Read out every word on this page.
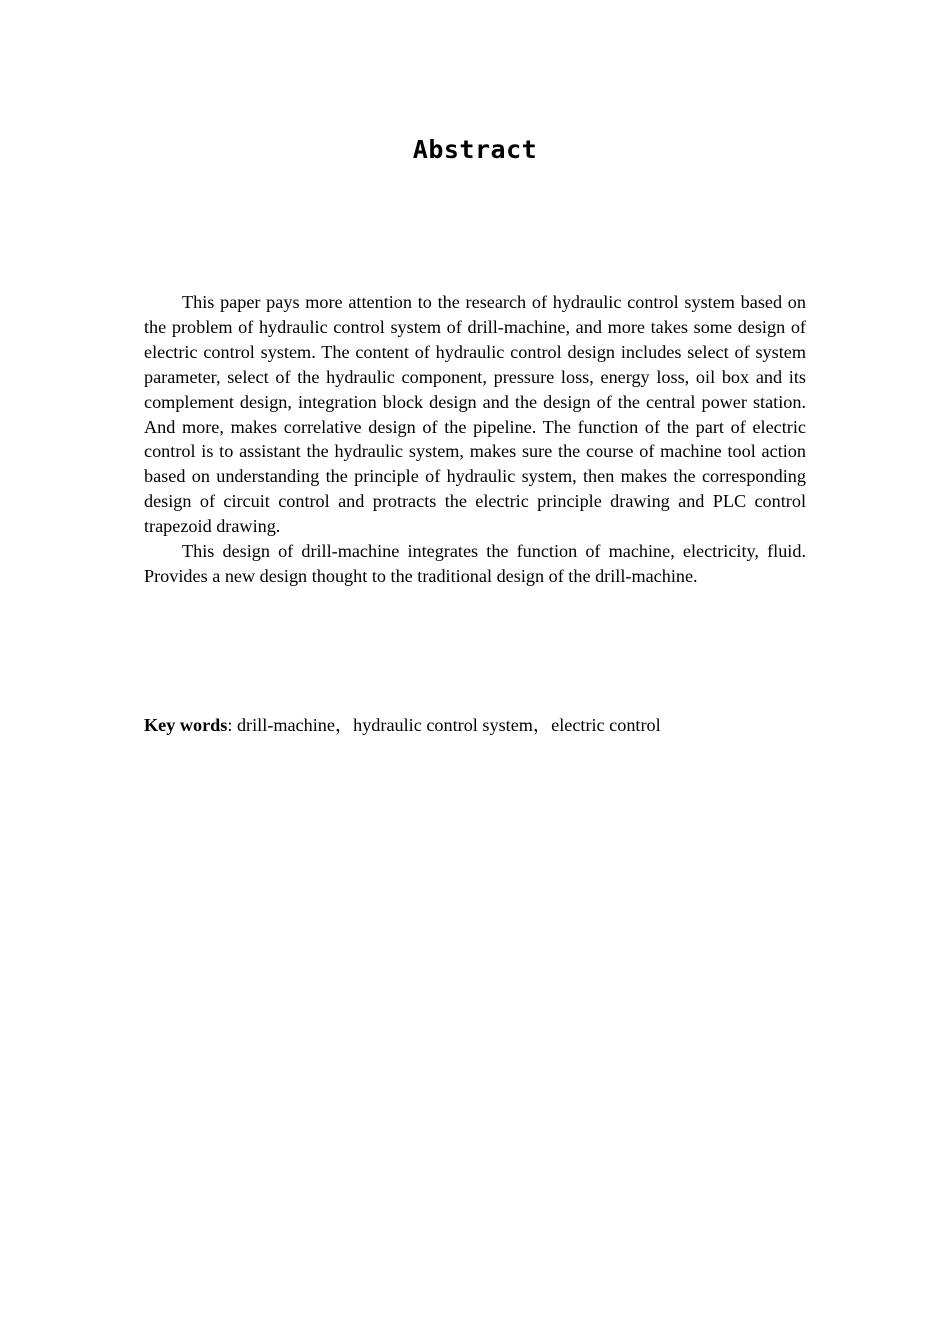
Abstract

This paper pays more attention to the research of hydraulic control system based on the problem of hydraulic control system of drill-machine, and more takes some design of electric control system. The content of hydraulic control design includes select of system parameter, select of the hydraulic component, pressure loss, energy loss, oil box and its complement design, integration block design and the design of the central power station. And more, makes correlative design of the pipeline. The function of the part of electric control is to assistant the hydraulic system, makes sure the course of machine tool action based on understanding the principle of hydraulic system, then makes the corresponding design of circuit control and protracts the electric principle drawing and PLC control trapezoid drawing.

This design of drill-machine integrates the function of machine, electricity, fluid. Provides a new design thought to the traditional design of the drill-machine.

Key words: drill-machine，hydraulic control system，electric control
